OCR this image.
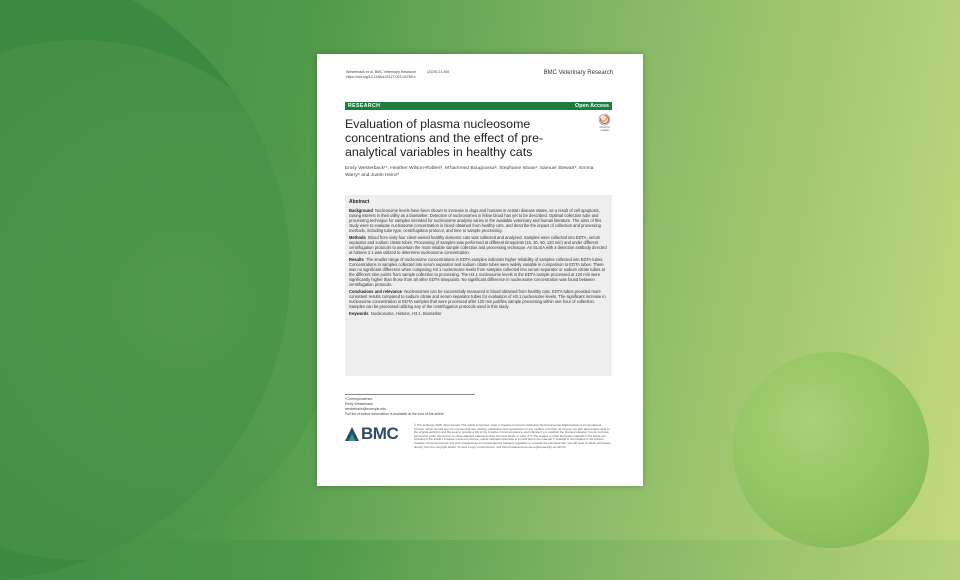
Westerback et al. BMC Veterinary Research
https://doi.org/10.1186/s12917-023-04785-x
(2025) 21:355	BMC Veterinary Research
RESEARCH	Open Access
Check for updates
Evaluation of plasma nucleosome concentrations and the effect of pre-analytical variables in healthy cats
Emily Westerback¹*, Heather Wilson-Robles², M'hammed Bougoussa³, Stephanie Istvan¹, Samuel Stewart⁴, Emma Warry⁵ and Justin Heinz²
Abstract

Background Nucleosome levels have been shown to increase in dogs and humans in certain disease states, as a result of cell apoptosis, raising interest in their utility as a biomarker. Detection of nucleosomes in feline blood has yet to be described. Optimal collection tube and processing technique for samples intended for nucleosome analysis varies in the available veterinary and human literature. The aims of this study were to evaluate nucleosome concentration in blood obtained from healthy cats, and describe the impact of collection and processing methods, including tube type, centrifugation protocol, and time to sample processing.

Methods Blood from sixty-four client-owned healthy domestic cats was collected and analyzed. Samples were collected into EDTA, serum separator and sodium citrate tubes. Processing of samples was performed at different timepoints (15, 30, 60, 120 min) and under different centrifugation protocols to ascertain the most reliable sample collection and processing technique. An ELISA with a detection antibody directed at histone 3.1 was utilized to determine nucleosome concentration.

Results The smaller range of nucleosome concentrations in EDTA samples indicates higher reliability of samples collected into EDTA tubes. Concentrations in samples collected into serum separator and sodium citrate tubes were widely variable in comparison to EDTA tubes. There was no significant difference when comparing H3.1 nucleosome levels from samples collected into serum separator or sodium citrate tubes at the different time points from sample collection to processing. The H3.1 nucleosome levels in the EDTA sample processed at 120 min were significantly higher than those from all other EDTA timepoints. No significant difference in nucleosome concentration was found between centrifugation protocols.

Conclusions and relevance Nucleosomes can be successfully measured in blood obtained from healthy cats. EDTA tubes provided more consistent results compared to sodium citrate and serum separator tubes for evaluation of H3.1 nucleosome levels. The significant increase in nucleosome concentration in EDTA samples that were processed after 120 min justifies sample processing within one hour of collection. Samples can be processed utilizing any of the centrifugation protocols used in this study.

Keywords Nucleosome, Histone, H3.1, Biomarker

*Correspondence:
Emily Westerback
westerback@example.edu
Full list of author information is available at the end of the article
BMC	© The Author(s) 2025. Open Access This article is licensed under a Creative Commons Attribution-NonCommercial-NoDerivatives 4.0 International License, which permits any non-commercial use, sharing, distribution and reproduction in any medium or format, as long as you give appropriate credit to the original author(s) and the source, provide a link to the Creative Commons licence, and indicate if you modified the licensed material. You do not have permission under this licence to share adapted material derived from this article or parts of it. The images or other third party material in this article are included in the article's Creative Commons licence, unless indicated otherwise in a credit line to the material. If material is not included in the article's Creative Commons licence and your intended use is not permitted by statutory regulation or exceeds the permitted use, you will need to obtain permission directly from the copyright holder. To view a copy of this licence, visit http://creativecommons.org/licenses/by-nc-nd/4.0/.
